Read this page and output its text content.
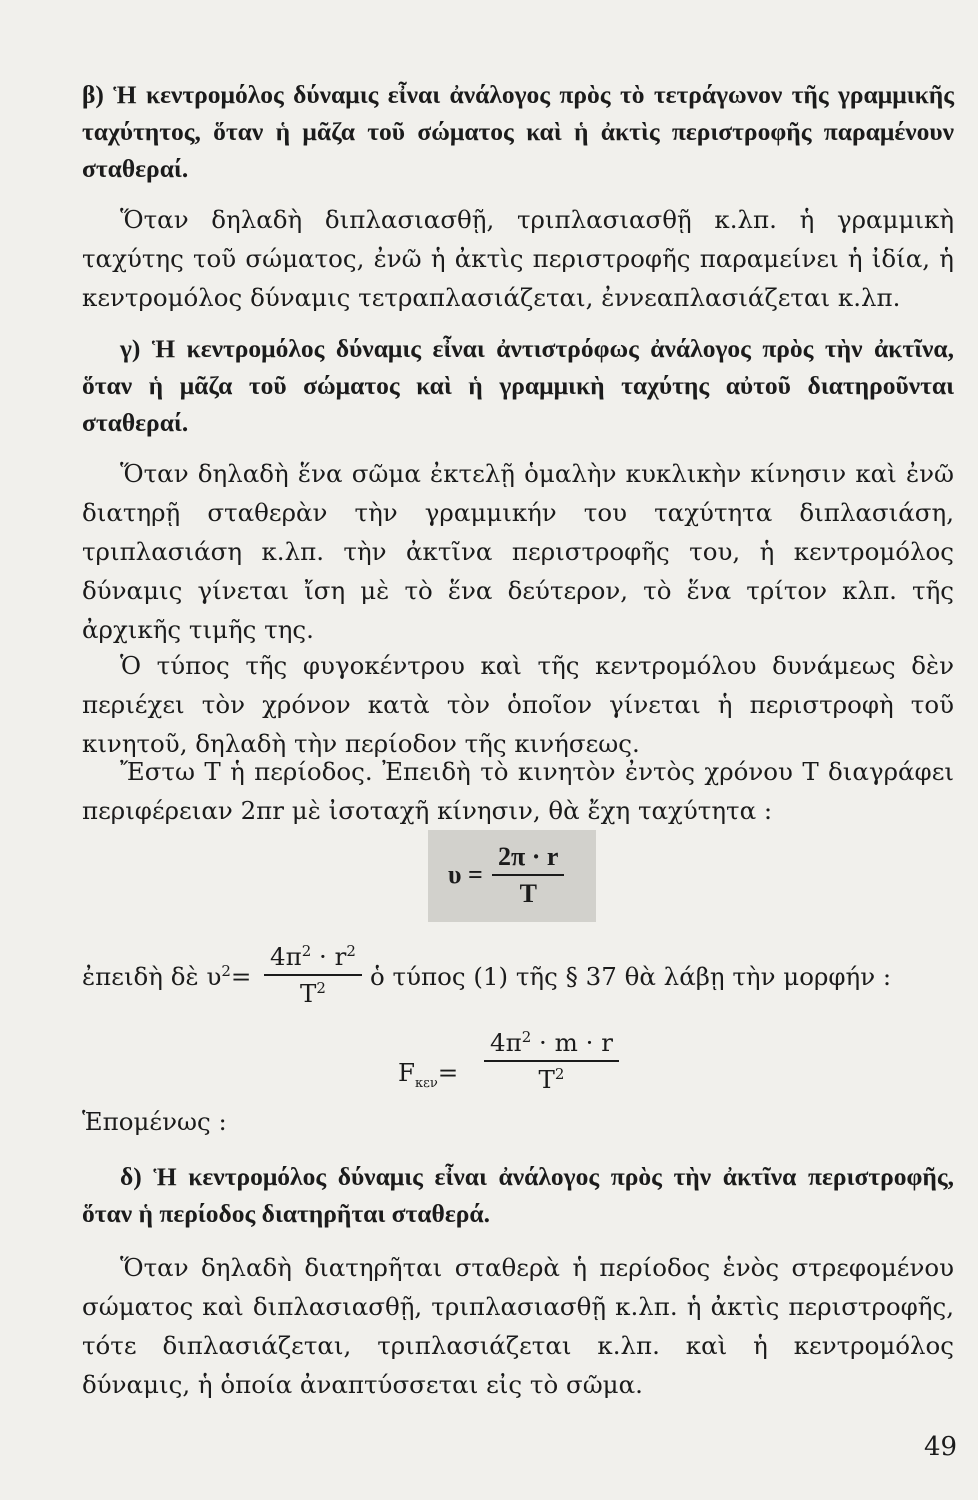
β) Ἡ κεντρομόλος δύναμις εἶναι ἀνάλογος πρὸς τὸ τετράγωνον τῆς γραμμικῆς ταχύτητος, ὅταν ἡ μᾶζα τοῦ σώματος καὶ ἡ ἀκτὶς περιστροφῆς παραμένουν σταθεραί.

Ὅταν δηλαδὴ διπλασιασθῇ, τριπλασιασθῇ κ.λπ. ἡ γραμμικὴ ταχύτης τοῦ σώματος, ἐνῶ ἡ ἀκτὶς περιστροφῆς παραμείνει ἡ ἰδία, ἡ κεντρομόλος δύναμις τετραπλασιάζεται, ἐννεαπλασιάζεται κ.λπ.

γ) Ἡ κεντρομόλος δύναμις εἶναι ἀντιστρόφως ἀνάλογος πρὸς τὴν ἀκτῖνα, ὅταν ἡ μᾶζα τοῦ σώματος καὶ ἡ γραμμικὴ ταχύτης αὐτοῦ διατηροῦνται σταθεραί.

Ὅταν δηλαδὴ ἕνα σῶμα ἐκτελῇ ὁμαλὴν κυκλικὴν κίνησιν καὶ ἐνῶ διατηρῇ σταθερὰν τὴν γραμμικήν του ταχύτητα διπλασιάση, τριπλασιάση κ.λπ. τὴν ἀκτῖνα περιστροφῆς του, ἡ κεντρομόλος δύναμις γίνεται ἴση μὲ τὸ ἕνα δεύτερον, τὸ ἕνα τρίτον κλπ. τῆς ἀρχικῆς τιμῆς της.

Ὁ τύπος τῆς φυγοκέντρου καὶ τῆς κεντρομόλου δυνάμεως δὲν περιέχει τὸν χρόνον κατὰ τὸν ὁποῖον γίνεται ἡ περιστροφὴ τοῦ κινητοῦ, δηλαδὴ τὴν περίοδον τῆς κινήσεως.

Ἔστω Τ ἡ περίοδος. Ἐπειδὴ τὸ κινητὸν ἐντὸς χρόνου Τ διαγράφει περιφέρειαν 2πr μὲ ἰσοταχῆ κίνησιν, θὰ ἔχη ταχύτητα :

$\upsilon = \frac{2\pi \cdot r}{T}$
ἐπειδὴ δὲ $\upsilon^2= \frac{4\pi^2 \cdot r^2}{T^2}$ ὁ τύπος (1) τῆς § 37 θὰ λάβῃ τὴν μορφήν :
$F_{\kappa\varepsilon\nu}= \frac{4\pi^2 \cdot m \cdot r}{T^2}$

Ἑπομένως :

δ) Ἡ κεντρομόλος δύναμις εἶναι ἀνάλογος πρὸς τὴν ἀκτῖνα περιστροφῆς, ὅταν ἡ περίοδος διατηρῆται σταθερά.

Ὅταν δηλαδὴ διατηρῆται σταθερὰ ἡ περίοδος ἑνὸς στρεφομένου σώματος καὶ διπλασιασθῇ, τριπλασιασθῇ κ.λπ. ἡ ἀκτὶς περιστροφῆς, τότε διπλασιάζεται, τριπλασιάζεται κ.λπ. καὶ ἡ κεντρομόλος δύναμις, ἡ ὁποία ἀναπτύσσεται εἰς τὸ σῶμα.

49
